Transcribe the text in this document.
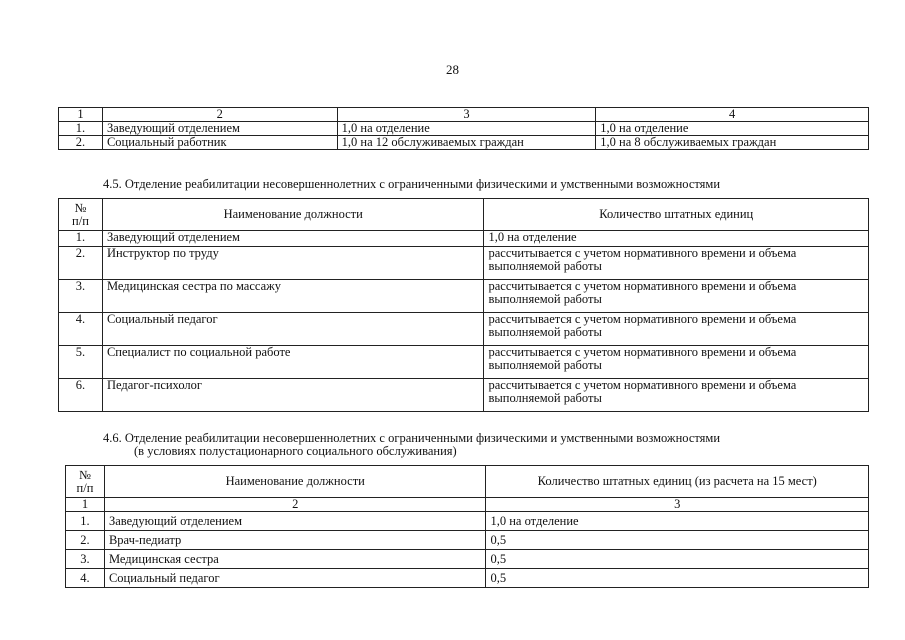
28
1	2	3	4
1.	Заведующий отделением	1,0 на отделение	1,0 на отделение
2.	Социальный работник	1,0 на 12 обслуживаемых граждан	1,0 на 8 обслуживаемых граждан
4.5. Отделение реабилитации несовершеннолетних с ограниченными физическими и умственными возможностями
№
п/п	Наименование должности	Количество штатных единиц
1.	Заведующий отделением	1,0 на отделение
2.	Инструктор по труду	рассчитывается с учетом нормативного времени и объема выполняемой работы
3.	Медицинская сестра по массажу	рассчитывается с учетом нормативного времени и объема выполняемой работы
4.	Социальный педагог	рассчитывается с учетом нормативного времени и объема выполняемой работы
5.	Специалист по социальной работе	рассчитывается с учетом нормативного времени и объема выполняемой работы
6.	Педагог-психолог	рассчитывается с учетом нормативного времени и объема выполняемой работы
4.6. Отделение реабилитации несовершеннолетних с ограниченными физическими и умственными возможностями
(в условиях полустационарного социального обслуживания)
№
п/п	Наименование должности	Количество штатных единиц (из расчета на 15 мест)
1	2	3
1.	Заведующий отделением	1,0 на отделение
2.	Врач-педиатр	0,5
3.	Медицинская сестра	0,5
4.	Социальный педагог	0,5
